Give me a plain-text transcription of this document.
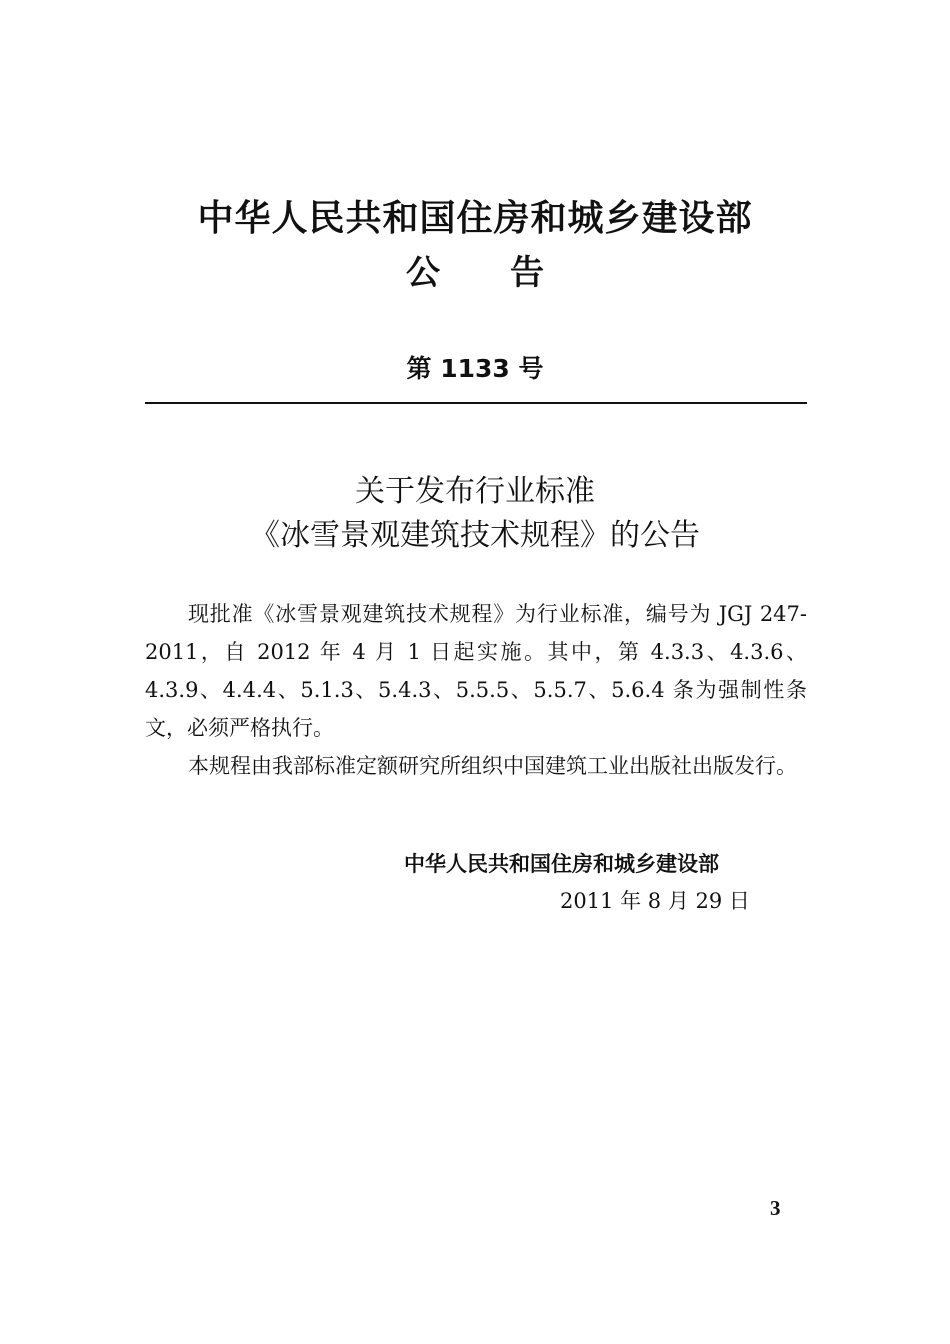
中华人民共和国住房和城乡建设部
公 告
第 1133 号
关于发布行业标准
《冰雪景观建筑技术规程》的公告

现批准《冰雪景观建筑技术规程》为行业标准，编号为 JGJ 247-2011，自 2012 年 4 月 1 日起实施。其中，第 4.3.3、4.3.6、4.3.9、4.4.4、5.1.3、5.4.3、5.5.5、5.5.7、5.6.4 条为强制性条文，必须严格执行。

本规程由我部标准定额研究所组织中国建筑工业出版社出版发行。

中华人民共和国住房和城乡建设部
2011 年 8 月 29 日
3
